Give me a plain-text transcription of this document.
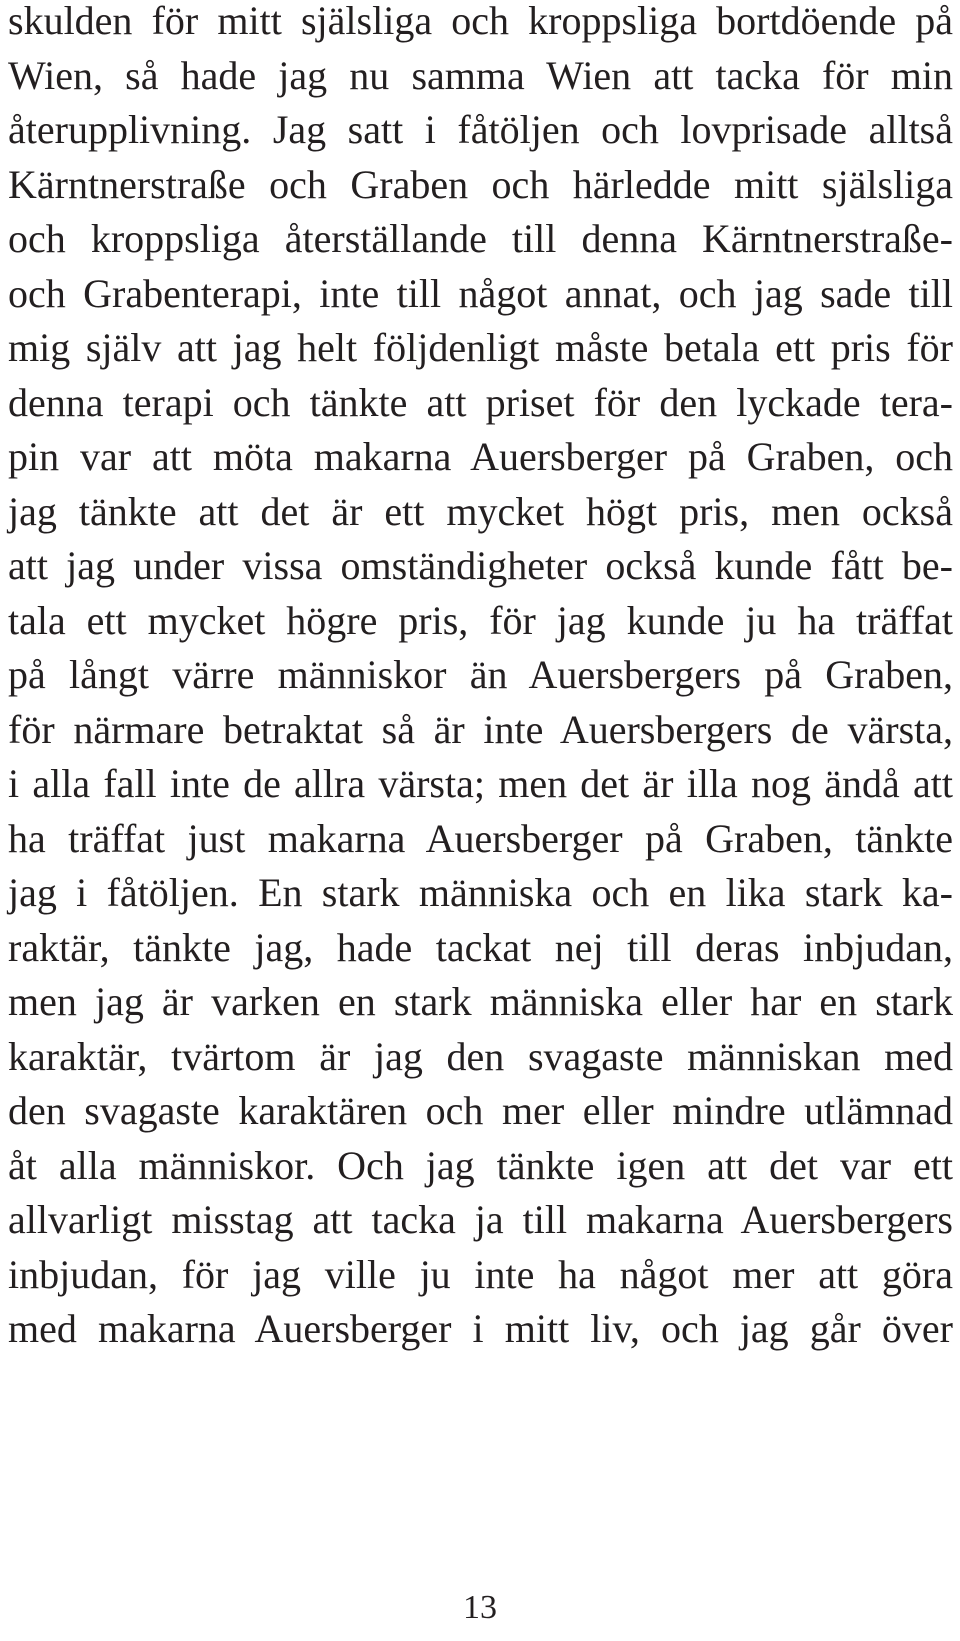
skulden för mitt själsliga och kroppsliga bortdöende på
Wien, så hade jag nu samma Wien att tacka för min
återupplivning. Jag satt i fåtöljen och lovprisade alltså
Kärntnerstraße och Graben och härledde mitt själsliga
och kroppsliga återställande till denna Kärntnerstraße-
och Grabenterapi, inte till något annat, och jag sade till
mig själv att jag helt följdenligt måste betala ett pris för
denna terapi och tänkte att priset för den lyckade tera-
pin var att möta makarna Auersberger på Graben, och
jag tänkte att det är ett mycket högt pris, men också
att jag under vissa omständigheter också kunde fått be-
tala ett mycket högre pris, för jag kunde ju ha träffat
på långt värre människor än Auersbergers på Graben,
för närmare betraktat så är inte Auersbergers de värsta,
i alla fall inte de allra värsta; men det är illa nog ändå att
ha träffat just makarna Auersberger på Graben, tänkte
jag i fåtöljen. En stark människa och en lika stark ka-
raktär, tänkte jag, hade tackat nej till deras inbjudan,
men jag är varken en stark människa eller har en stark
karaktär, tvärtom är jag den svagaste människan med
den svagaste karaktären och mer eller mindre utlämnad
åt alla människor. Och jag tänkte igen att det var ett
allvarligt misstag att tacka ja till makarna Auersbergers
inbjudan, för jag ville ju inte ha något mer att göra
med makarna Auersberger i mitt liv, och jag går över
13
